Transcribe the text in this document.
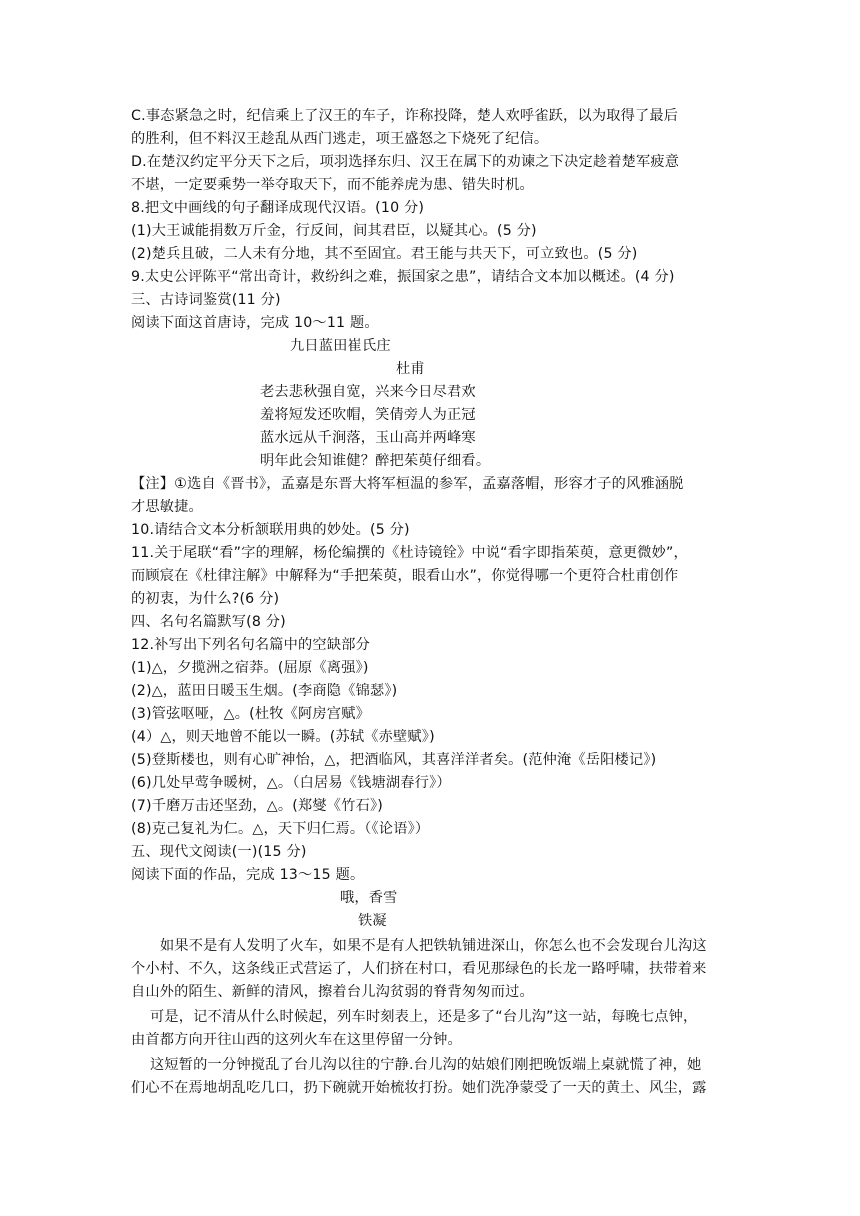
C.事态紧急之时，纪信乘上了汉王的车子，诈称投降，楚人欢呼雀跃，以为取得了最后
的胜利，但不料汉王趁乱从西门逃走，项王盛怒之下烧死了纪信。
D.在楚汉约定平分天下之后，项羽选择东归、汉王在属下的劝谏之下决定趁着楚军疲意
不堪，一定要乘势一举夺取天下，而不能养虎为患、错失时机。
8.把文中画线的句子翻译成现代汉语。(10 分)
(1)大王诚能捐数万斤金，行反间，间其君臣，以疑其心。(5 分)
(2)楚兵且破，二人未有分地，其不至固宜。君王能与共天下，可立致也。(5 分)
9.太史公评陈平“常出奇计，救纷纠之难，振国家之患”，请结合文本加以概述。(4 分)
三、古诗词鉴赏(11 分)
阅读下面这首唐诗，完成 10～11 题。
九日蓝田崔氏庄
杜甫
老去悲秋强自宽，兴来今日尽君欢
羞将短发还吹帽，笑倩旁人为正冠
蓝水远从千涧落，玉山高并两峰寒
明年此会知谁健？醉把茱萸仔细看。
【注】①选自《晋书》，孟嘉是东晋大将军桓温的参军，孟嘉落帽，形容才子的风雅涵脱
才思敏捷。
10.请结合文本分析颔联用典的妙处。(5 分)
11.关于尾联“看”字的理解，杨伦编撰的《杜诗镜铨》中说“看字即指茱萸，意更微妙”，
而顾宸在《杜律注解》中解释为“手把茱萸，眼看山水”，你觉得哪一个更符合杜甫创作
的初衷，为什么?(6 分)
四、名句名篇默写(8 分)
12.补写出下列名句名篇中的空缺部分
(1)△，夕揽洲之宿莽。(屈原《离强》)
(2)△，蓝田日暖玉生烟。(李商隐《锦瑟》)
(3)管弦呕哑，△。(杜牧《阿房宫赋》
(4）△，则天地曾不能以一瞬。(苏轼《赤壁赋》)
(5)登斯楼也，则有心旷神怡，△，把酒临风，其喜洋洋者矣。(范仲淹《岳阳楼记》)
(6)几处早莺争暖树，△。（白居易《钱塘湖春行》）
(7)千磨万击还坚劲，△。(郑燮《竹石》)
(8)克己复礼为仁。△，天下归仁焉。（《论语》）
五、现代文阅读(一)(15 分)
阅读下面的作品，完成 13～15 题。
哦，香雪
铁凝
如果不是有人发明了火车，如果不是有人把铁轨铺进深山，你怎么也不会发现台儿沟这
个小村、不久，这条线正式营运了，人们挤在村口，看见那绿色的长龙一路呼啸，扶带着来
自山外的陌生、新鲜的清风，擦着台儿沟贫弱的脊背匆匆而过。
可是，记不清从什么时候起，列车时刻表上，还是多了“台儿沟”这一站，每晚七点钟，
由首都方向开往山西的这列火车在这里停留一分钟。
这短暂的一分钟搅乱了台儿沟以往的宁静.台儿沟的姑娘们刚把晚饭端上桌就慌了神，她
们心不在焉地胡乱吃几口，扔下碗就开始梳妆打扮。她们洗净蒙受了一天的黄土、风尘，露
